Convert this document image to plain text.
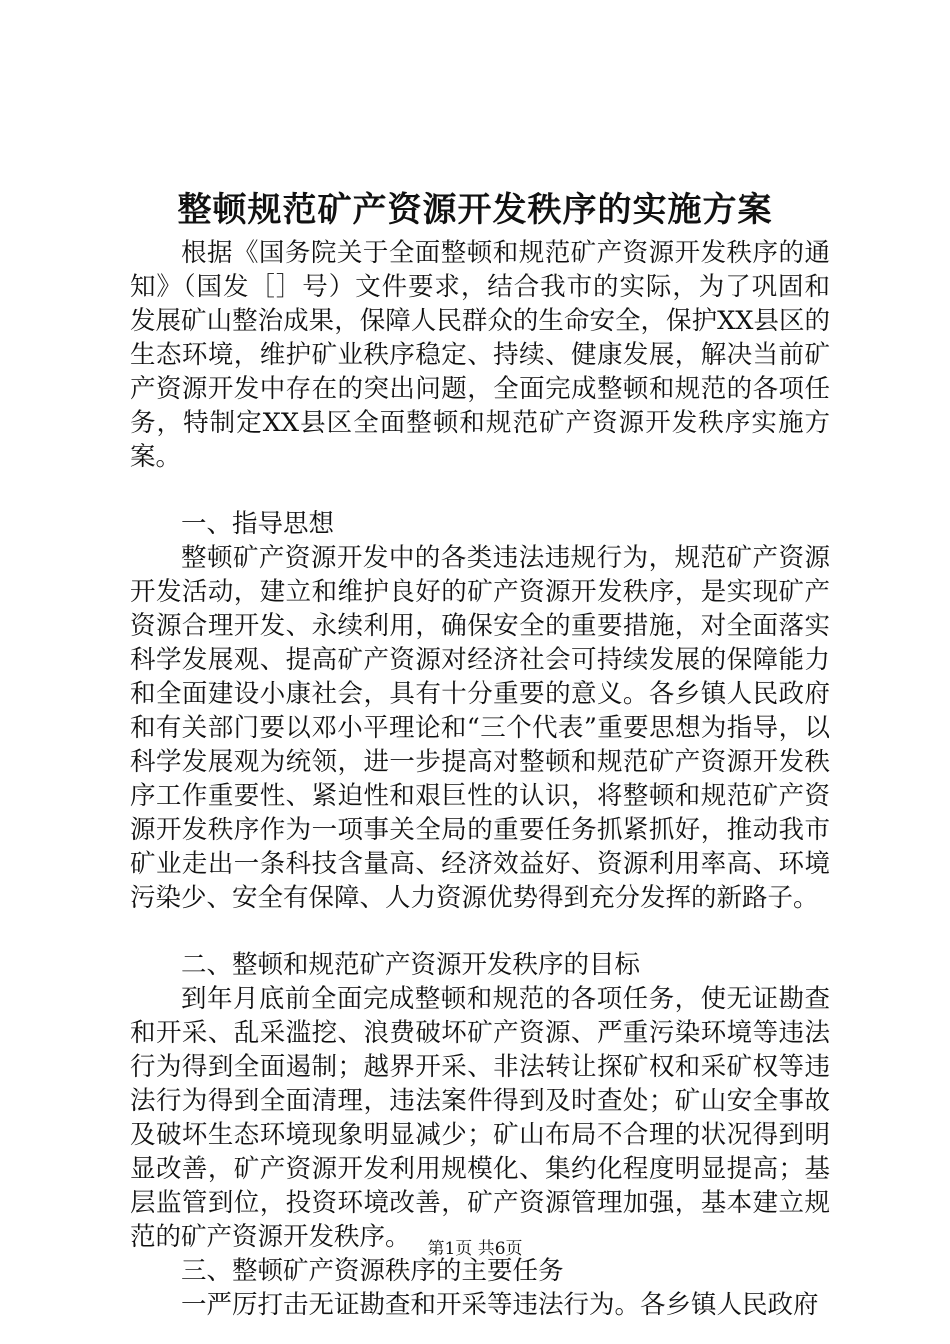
整顿规范矿产资源开发秩序的实施方案

根据《国务院关于全面整顿和规范矿产资源开发秩序的通知》（国发［］号）文件要求，结合我市的实际，为了巩固和发展矿山整治成果，保障人民群众的生命安全，保护XX县区的生态环境，维护矿业秩序稳定、持续、健康发展，解决当前矿产资源开发中存在的突出问题，全面完成整顿和规范的各项任务，特制定XX县区全面整顿和规范矿产资源开发秩序实施方案。

一、指导思想

整顿矿产资源开发中的各类违法违规行为，规范矿产资源开发活动，建立和维护良好的矿产资源开发秩序，是实现矿产资源合理开发、永续利用，确保安全的重要措施，对全面落实科学发展观、提高矿产资源对经济社会可持续发展的保障能力和全面建设小康社会，具有十分重要的意义。各乡镇人民政府和有关部门要以邓小平理论和“三个代表”重要思想为指导，以科学发展观为统领，进一步提高对整顿和规范矿产资源开发秩序工作重要性、紧迫性和艰巨性的认识，将整顿和规范矿产资源开发秩序作为一项事关全局的重要任务抓紧抓好，推动我市矿业走出一条科技含量高、经济效益好、资源利用率高、环境污染少、安全有保障、人力资源优势得到充分发挥的新路子。

二、整顿和规范矿产资源开发秩序的目标

到年月底前全面完成整顿和规范的各项任务，使无证勘查和开采、乱采滥挖、浪费破坏矿产资源、严重污染环境等违法行为得到全面遏制；越界开采、非法转让探矿权和采矿权等违法行为得到全面清理，违法案件得到及时查处；矿山安全事故及破坏生态环境现象明显减少；矿山布局不合理的状况得到明显改善，矿产资源开发利用规模化、集约化程度明显提高；基层监管到位，投资环境改善，矿产资源管理加强，基本建立规范的矿产资源开发秩序。

三、整顿矿产资源秩序的主要任务

一严厉打击无证勘查和开采等违法行为。各乡镇人民政府

第1页 共6页
